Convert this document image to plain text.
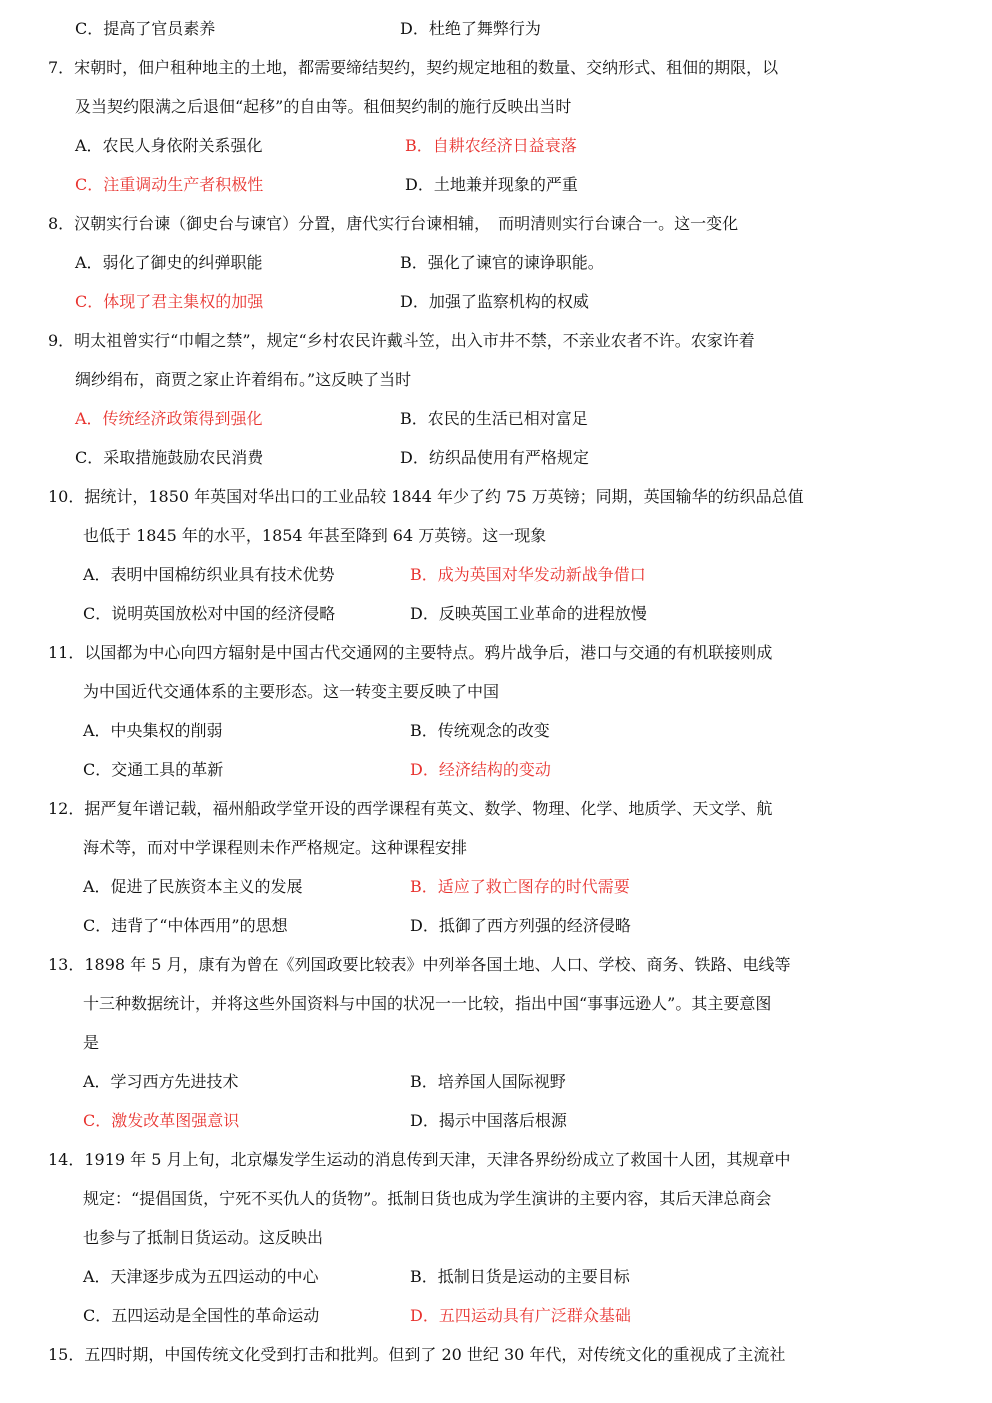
C．提高了官员素养	D．杜绝了舞弊行为
7．宋朝时，佃户租种地主的土地，都需要缔结契约，契约规定地租的数量、交纳形式、租佃的期限，以
及当契约限满之后退佃“起移”的自由等。租佃契约制的施行反映出当时
A．农民人身依附关系强化	B．自耕农经济日益衰落
C．注重调动生产者积极性	D．土地兼并现象的严重
8．汉朝实行台谏（御史台与谏官）分置，唐代实行台谏相辅，　而明清则实行台谏合一。这一变化
A．弱化了御史的纠弹职能	B．强化了谏官的谏诤职能。
C．体现了君主集权的加强	D．加强了监察机构的权威
9．明太祖曾实行“巾帽之禁”，规定“乡村农民许戴斗笠，出入市井不禁，不亲业农者不许。农家许着
绸纱绢布，商贾之家止许着绢布。”这反映了当时
A．传统经济政策得到强化	B．农民的生活已相对富足
C．采取措施鼓励农民消费	D．纺织品使用有严格规定
10．据统计，1850 年英国对华出口的工业品较 1844 年少了约 75 万英镑；同期，英国输华的纺织品总值
也低于 1845 年的水平，1854 年甚至降到 64 万英镑。这一现象
A．表明中国棉纺织业具有技术优势	B．成为英国对华发动新战争借口
C．说明英国放松对中国的经济侵略	D．反映英国工业革命的进程放慢
11．以国都为中心向四方辐射是中国古代交通网的主要特点。鸦片战争后，港口与交通的有机联接则成
为中国近代交通体系的主要形态。这一转变主要反映了中国
A．中央集权的削弱	B．传统观念的改变
C．交通工具的革新	D．经济结构的变动
12．据严复年谱记载，福州船政学堂开设的西学课程有英文、数学、物理、化学、地质学、天文学、航
海术等，而对中学课程则未作严格规定。这种课程安排
A．促进了民族资本主义的发展	B．适应了救亡图存的时代需要
C．违背了“中体西用”的思想	D．抵御了西方列强的经济侵略
13．1898 年 5 月，康有为曾在《列国政要比较表》中列举各国土地、人口、学校、商务、铁路、电线等
十三种数据统计，并将这些外国资料与中国的状况一一比较，指出中国“事事远逊人”。其主要意图
是
A．学习西方先进技术	B．培养国人国际视野
C．激发改革图强意识	D．揭示中国落后根源
14．1919 年 5 月上旬，北京爆发学生运动的消息传到天津，天津各界纷纷成立了救国十人团，其规章中
规定：“提倡国货，宁死不买仇人的货物”。抵制日货也成为学生演讲的主要内容，其后天津总商会
也参与了抵制日货运动。这反映出
A．天津逐步成为五四运动的中心	B．抵制日货是运动的主要目标
C．五四运动是全国性的革命运动	D．五四运动具有广泛群众基础
15．五四时期，中国传统文化受到打击和批判。但到了 20 世纪 30 年代，对传统文化的重视成了主流社
